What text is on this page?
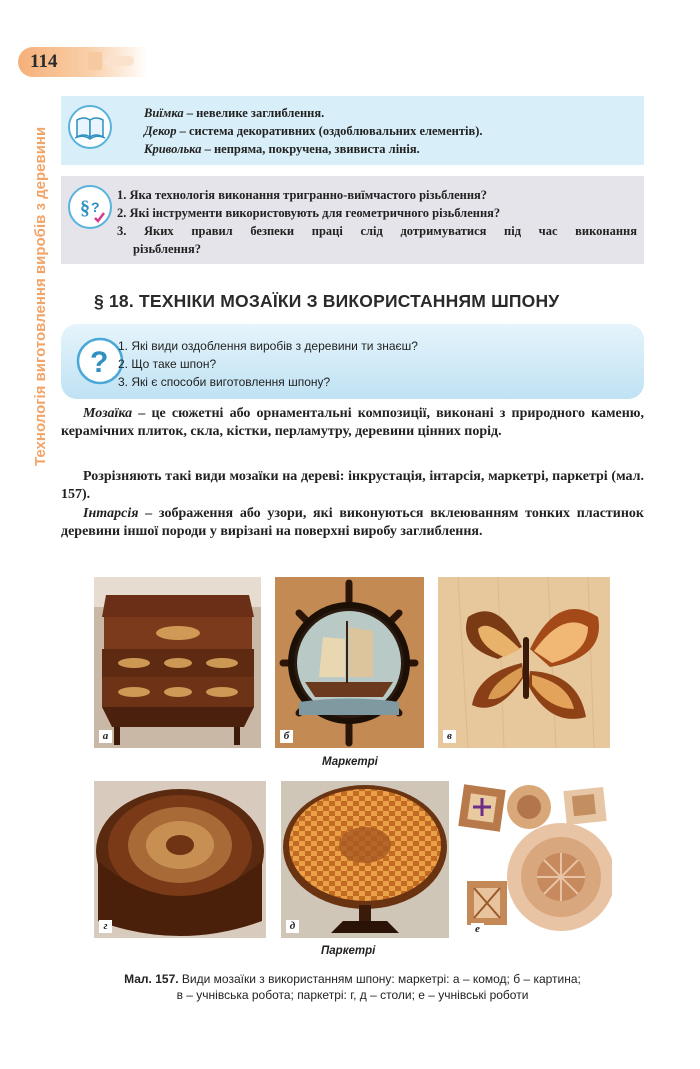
114
Технологія виготовлення виробів з деревини
Виїмка – невелике заглиблення.
Декор – система декоративних (оздоблювальних елементів).
Криволька – непряма, покручена, звивиста лінія.
§ ?
1. Яка технологія виконання тригранно-виїмчастого різьблення?
2. Які інструменти використовують для геометричного різьблення?
3. Яких правил безпеки праці слід дотримуватися під час виконання
різьблення?
§ 18. ТЕХНІКИ МОЗАЇКИ З ВИКОРИСТАННЯМ ШПОНУ
? 1. Які види оздоблення виробів з деревини ти знаєш?
2. Що таке шпон?
3. Які є способи виготовлення шпону?
Мозаїка – це сюжетні або орнаментальні композиції, виконані з природного каменю, керамічних плиток, скла, кістки, перламутру, деревини цінних порід.
Розрізняють такі види мозаїки на дереві: інкрустація, інтарсія, маркетрі, паркетрі (мал. 157).
Інтарсія – зображення або узори, які виконуються вклеюванням тонких пластинок деревини іншої породи у вирізані на поверхні виробу заглиблення.
а	б	в
Маркетрі
г	д	е
Паркетрі
Мал. 157. Види мозаїки з використанням шпону: маркетрі: а – комод; б – картина;
в – учнівська робота; паркетрі: г, д – столи; е – учнівські роботи
